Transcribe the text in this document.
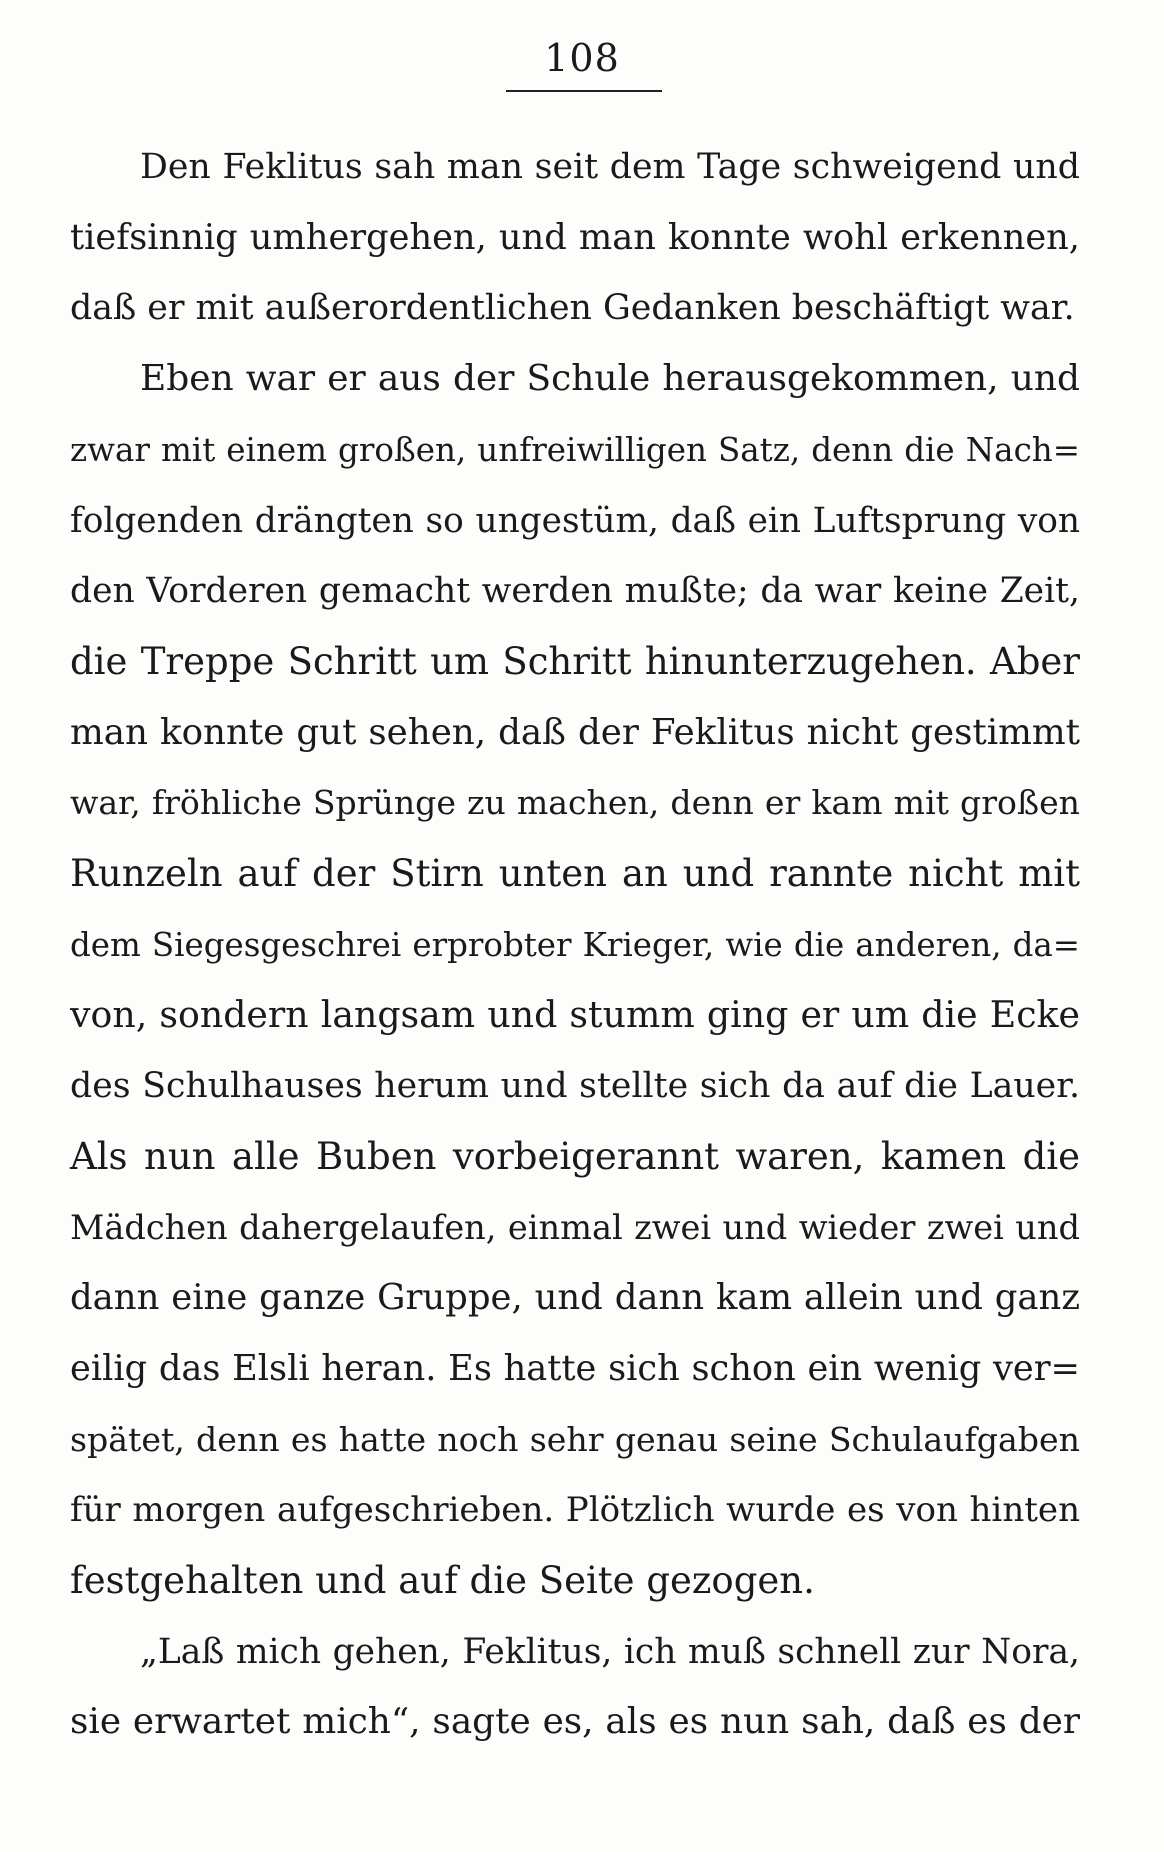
108
Den Feklitus sah man seit dem Tage schweigend und
tiefsinnig umhergehen, und man konnte wohl erkennen,
daß er mit außerordentlichen Gedanken beschäftigt war.
Eben war er aus der Schule herausgekommen, und
zwar mit einem großen, unfreiwilligen Satz, denn die Nach=
folgenden drängten so ungestüm, daß ein Luftsprung von
den Vorderen gemacht werden mußte; da war keine Zeit,
die Treppe Schritt um Schritt hinunterzugehen. Aber
man konnte gut sehen, daß der Feklitus nicht gestimmt
war, fröhliche Sprünge zu machen, denn er kam mit großen
Runzeln auf der Stirn unten an und rannte nicht mit
dem Siegesgeschrei erprobter Krieger, wie die anderen, da=
von, sondern langsam und stumm ging er um die Ecke
des Schulhauses herum und stellte sich da auf die Lauer.
Als nun alle Buben vorbeigerannt waren, kamen die
Mädchen dahergelaufen, einmal zwei und wieder zwei und
dann eine ganze Gruppe, und dann kam allein und ganz
eilig das Elsli heran. Es hatte sich schon ein wenig ver=
spätet, denn es hatte noch sehr genau seine Schulaufgaben
für morgen aufgeschrieben. Plötzlich wurde es von hinten
festgehalten und auf die Seite gezogen.
„Laß mich gehen, Feklitus, ich muß schnell zur Nora,
sie erwartet mich“, sagte es, als es nun sah, daß es der
